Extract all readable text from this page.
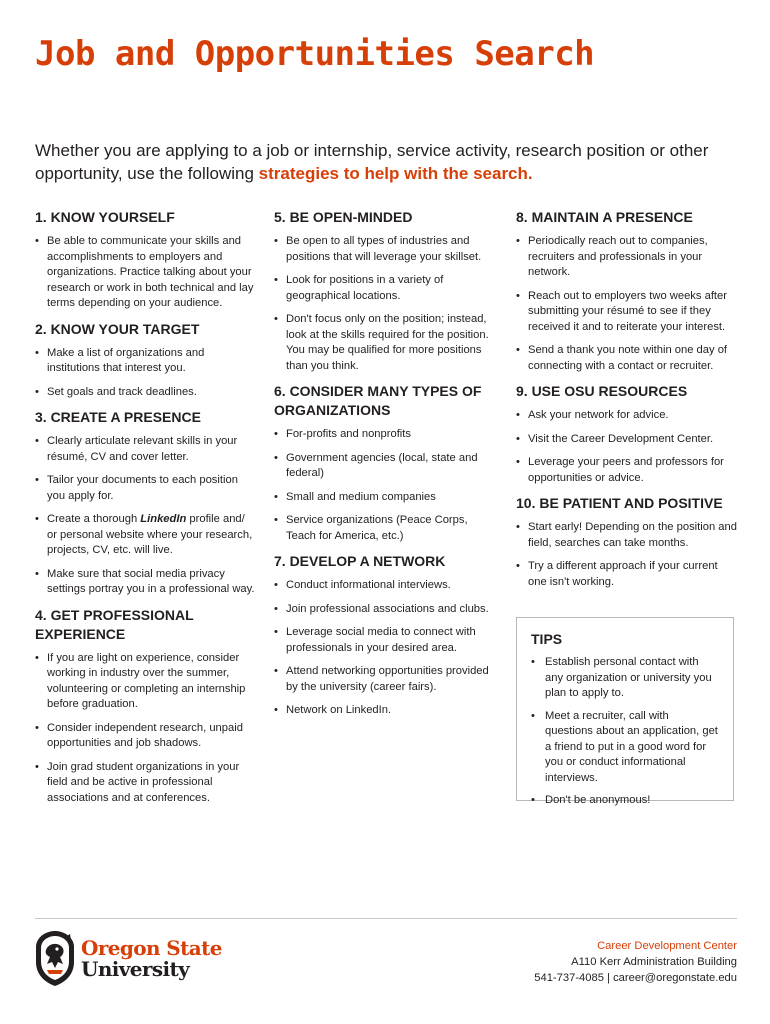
Job and Opportunities Search

Whether you are applying to a job or internship, service activity, research position or other opportunity, use the following strategies to help with the search.

1. KNOW YOURSELF
• Be able to communicate your skills and accomplishments to employers and organizations. Practice talking about your research or work in both technical and lay terms depending on your audience.
2. KNOW YOUR TARGET
• Make a list of organizations and institutions that interest you.
• Set goals and track deadlines.
3. CREATE A PRESENCE
• Clearly articulate relevant skills in your résumé, CV and cover letter.
• Tailor your documents to each position you apply for.
• Create a thorough LinkedIn profile and/ or personal website where your research, projects, CV, etc. will live.
• Make sure that social media privacy settings portray you in a professional way.
4. GET PROFESSIONAL EXPERIENCE
• If you are light on experience, consider working in industry over the summer, volunteering or completing an internship before graduation.
• Consider independent research, unpaid opportunities and job shadows.
• Join grad student organizations in your field and be active in professional associations and at conferences.
5. BE OPEN-MINDED
• Be open to all types of industries and positions that will leverage your skillset.
• Look for positions in a variety of geographical locations.
• Don't focus only on the position; instead, look at the skills required for the position. You may be qualified for more positions than you think.
6. CONSIDER MANY TYPES OF ORGANIZATIONS
• For-profits and nonprofits
• Government agencies (local, state and federal)
• Small and medium companies
• Service organizations (Peace Corps, Teach for America, etc.)
7. DEVELOP A NETWORK
• Conduct informational interviews.
• Join professional associations and clubs.
• Leverage social media to connect with professionals in your desired area.
• Attend networking opportunities provided by the university (career fairs).
• Network on LinkedIn.
8. MAINTAIN A PRESENCE
• Periodically reach out to companies, recruiters and professionals in your network.
• Reach out to employers two weeks after submitting your résumé to see if they received it and to reiterate your interest.
• Send a thank you note within one day of connecting with a contact or recruiter.
9. USE OSU RESOURCES
• Ask your network for advice.
• Visit the Career Development Center.
• Leverage your peers and professors for opportunities or advice.
10. BE PATIENT AND POSITIVE
• Start early! Depending on the position and field, searches can take months.
• Try a different approach if your current one isn't working.
TIPS
• Establish personal contact with any organization or university you plan to apply to.
• Meet a recruiter, call with questions about an application, get a friend to put in a good word for you or conduct informational interviews.
• Don't be anonymous!
Oregon State
University
Career Development Center
A110 Kerr Administration Building
541-737-4085 | career@oregonstate.edu
